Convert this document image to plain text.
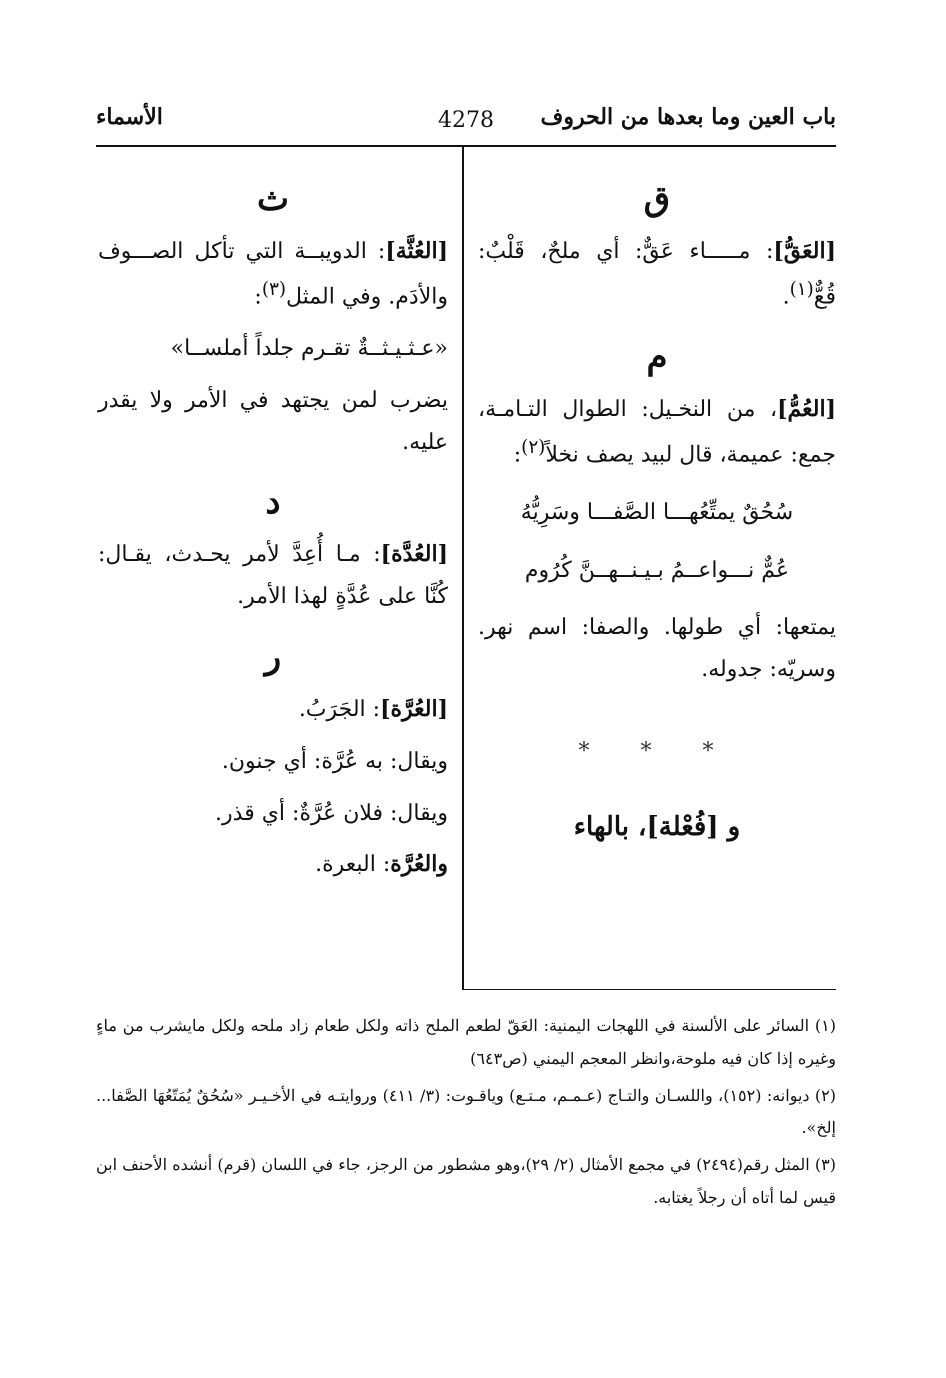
باب العين وما بعدها من الحروف
4278
الأسماء
ق

[العَقُّ]: مـــــاء عَقٌّ: أي ملحٌ، قَلْبٌ: قُعٌّ$^{(١)}$.

م

[العُمُّ]، من النخـيل: الطوال التـامـة، جمع: عميمة، قال لبيد يصف نخلاً$^{(٢)}$:

سُحُقٌ يمتِّعُهـــا الصَّفـــا وسَرِيُّهُ
عُمٌّ نـــواعــمُ بـيـنــهــنَّ كُرُوم

يمتعها: أي طولها. والصفا: اسم نهر. وسريّه: جدوله.

* * *
و [فُعْلة]، بالهاء
ث

[العُثَّة]: الدويبــة التي تأكل الصـــوف والأدَم. وفي المثل$^{(٣)}$:

«عـثـيـثــةٌ تقـرم جلداً أملســا»

يضرب لمن يجتهد في الأمر ولا يقدر عليه.

د

[العُدَّة]: مـا أُعِدَّ لأمر يحـدث، يقـال: كُنَّا على عُدَّةٍ لهذا الأمر.

ر

[العُرَّة]: الجَرَبُ.

ويقال: به عُرَّة: أي جنون.

ويقال: فلان عُرَّةٌ: أي قذر.

والعُرَّة: البعرة.

(١) السائر على الألسنة في اللهجات اليمنية: العَقّ لطعم الملح ذاته ولكل طعام زاد ملحه ولكل مايشرب من ماءٍ وغيره إذا كان فيه ملوحة،وانظر المعجم اليمني (ص٦٤٣)

(٢) ديوانه: (١٥٢)، واللسـان والتـاج (عـمـم، مـتـع) وياقـوت: (٣/ ٤١١) وروايتـه في الأخـيـر «سُحُقٌ يُمَتّعُهَا الصَّفا... إلخ».

(٣) المثل رقم(٢٤٩٤) في مجمع الأمثال (٢/ ٢٩)،وهو مشطور من الرجز، جاء في اللسان (قرم) أنشده الأحنف ابن قيس لما أتاه أن رجلاً يغتابه.
